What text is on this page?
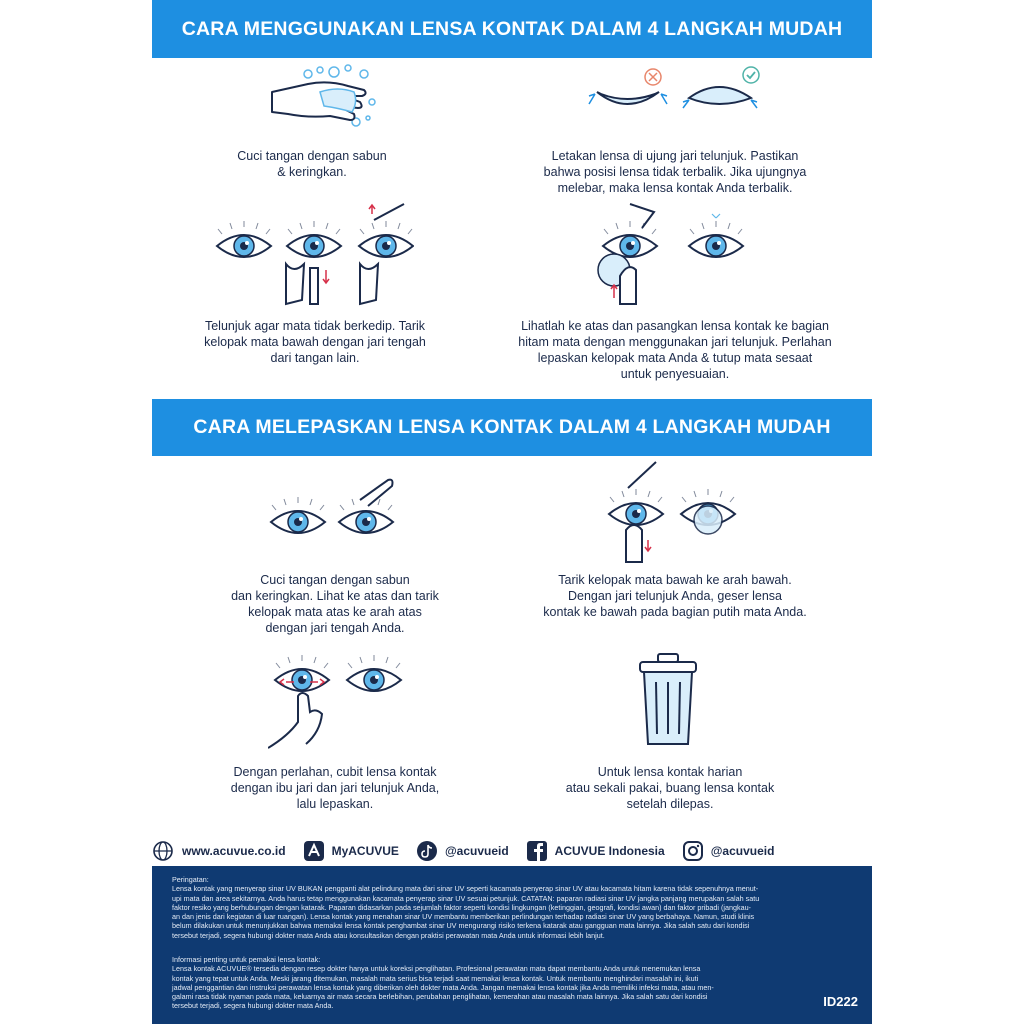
CARA MENGGUNAKAN LENSA KONTAK DALAM 4 LANGKAH MUDAH
Cuci tangan dengan sabun
& keringkan.
Letakan lensa di ujung jari telunjuk. Pastikan
bahwa posisi lensa tidak terbalik. Jika ujungnya
melebar, maka lensa kontak Anda terbalik.
Telunjuk agar mata tidak berkedip. Tarik
kelopak mata bawah dengan jari tengah
dari tangan lain.
Lihatlah ke atas dan pasangkan lensa kontak ke bagian
hitam mata dengan menggunakan jari telunjuk. Perlahan
lepaskan kelopak mata Anda & tutup mata sesaat
untuk penyesuaian.
CARA MELEPASKAN LENSA KONTAK DALAM 4 LANGKAH MUDAH
Cuci tangan dengan sabun
dan keringkan. Lihat ke atas dan tarik
kelopak mata atas ke arah atas
dengan jari tengah Anda.
Tarik kelopak mata bawah ke arah bawah.
Dengan jari telunjuk Anda, geser lensa
kontak ke bawah pada bagian putih mata Anda.
Dengan perlahan, cubit lensa kontak
dengan ibu jari dan jari telunjuk Anda,
lalu lepaskan.
Untuk lensa kontak harian
atau sekali pakai, buang lensa kontak
setelah dilepas.
www.acuvue.co.id	MyACUVUE	@acuvueid	ACUVUE Indonesia	@acuvueid
Peringatan:
Lensa kontak yang menyerap sinar UV BUKAN pengganti alat pelindung mata dari sinar UV seperti kacamata penyerap sinar UV atau kacamata hitam karena tidak sepenuhnya menut-
upi mata dan area sekitarnya. Anda harus tetap menggunakan kacamata penyerap sinar UV sesuai petunjuk. CATATAN: paparan radiasi sinar UV jangka panjang merupakan salah satu
faktor resiko yang berhubungan dengan katarak. Paparan didasarkan pada sejumlah faktor seperti kondisi lingkungan (ketinggian, geografi, kondisi awan) dan faktor pribadi (jangkau-
an dan jenis dari kegiatan di luar ruangan). Lensa kontak yang menahan sinar UV membantu memberikan perlindungan terhadap radiasi sinar UV yang berbahaya. Namun, studi klinis
belum dilakukan untuk menunjukkan bahwa memakai lensa kontak penghambat sinar UV mengurangi risiko terkena katarak atau gangguan mata lainnya. Jika salah satu dari kondisi
tersebut terjadi, segera hubungi dokter mata Anda atau konsultasikan dengan praktisi perawatan mata Anda untuk informasi lebih lanjut.
Informasi penting untuk pemakai lensa kontak:
Lensa kontak ACUVUE® tersedia dengan resep dokter hanya untuk koreksi penglihatan. Profesional perawatan mata dapat membantu Anda untuk menemukan lensa
kontak yang tepat untuk Anda. Meski jarang ditemukan, masalah mata serius bisa terjadi saat memakai lensa kontak. Untuk membantu menghindari masalah ini, ikuti
jadwal penggantian dan instruksi perawatan lensa kontak yang diberikan oleh dokter mata Anda. Jangan memakai lensa kontak jika Anda memiliki infeksi mata, atau men-
galami rasa tidak nyaman pada mata, keluarnya air mata secara berlebihan, perubahan penglihatan, kemerahan atau masalah mata lainnya. Jika salah satu dari kondisi
tersebut terjadi, segera hubungi dokter mata Anda.	ID222
